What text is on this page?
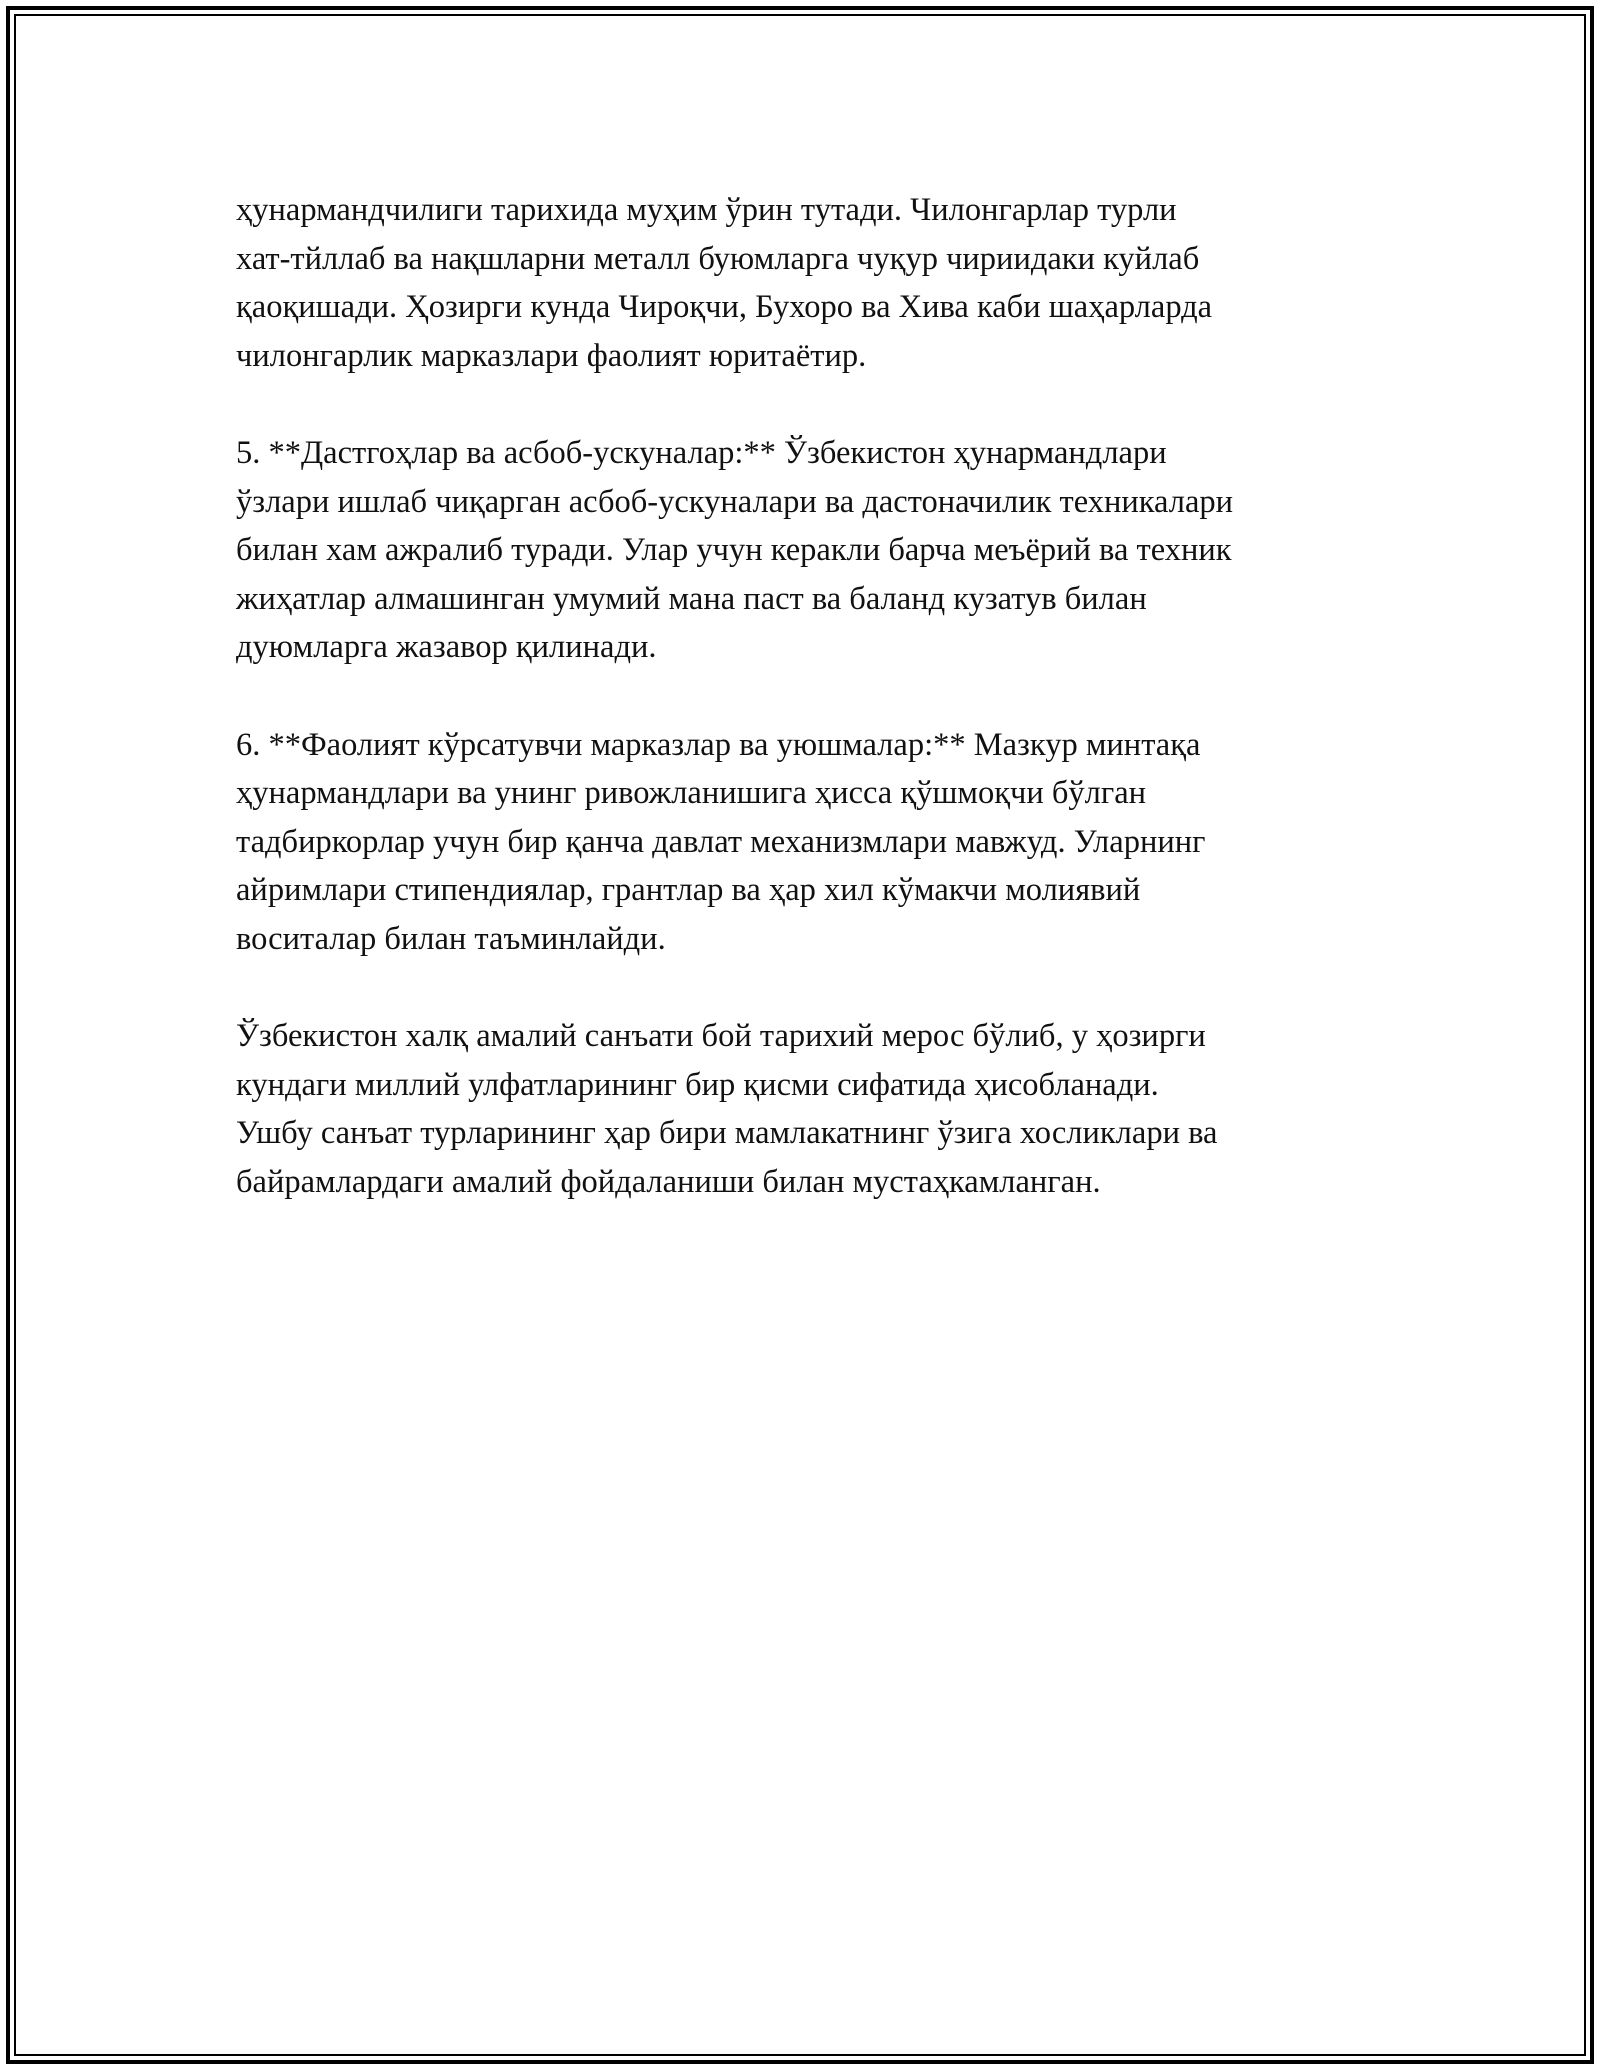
ҳунармандчилиги тарихида муҳим ўрин тутади. Чилонгарлар турли
хат-тйллаб ва нақшларни металл буюмларга чуқур чириидаки куйлаб
қаоқишади. Ҳозирги кунда Чироқчи, Бухоро ва Хива каби шаҳарларда
чилонгарлик марказлари фаолият юритаётир.

5. **Дастгоҳлар ва асбоб-ускуналар:** Ўзбекистон ҳунармандлари
ўзлари ишлаб чиқарган асбоб-ускуналари ва дастоначилик техникалари
билан хам ажралиб туради. Улар учун керакли барча меъёрий ва техник
жиҳатлар алмашинган умумий мана паст ва баланд кузатув билан
дуюмларга жазавор қилинади.

6. **Фаолият кўрсатувчи марказлар ва уюшмалар:** Мазкур минтақа
ҳунармандлари ва унинг ривожланишига ҳисса қўшмоқчи бўлган
тадбиркорлар учун бир қанча давлат механизмлари мавжуд. Уларнинг
айримлари стипендиялар, грантлар ва ҳар хил кўмакчи молиявий
воситалар билан таъминлайди.

Ўзбекистон халқ амалий санъати бой тарихий мерос бўлиб, у ҳозирги
кундаги миллий улфатларининг бир қисми сифатида ҳисобланади.
Ушбу санъат турларининг ҳар бири мамлакатнинг ўзига хосликлари ва
байрамлардаги амалий фойдаланиши билан мустаҳкамланган.
